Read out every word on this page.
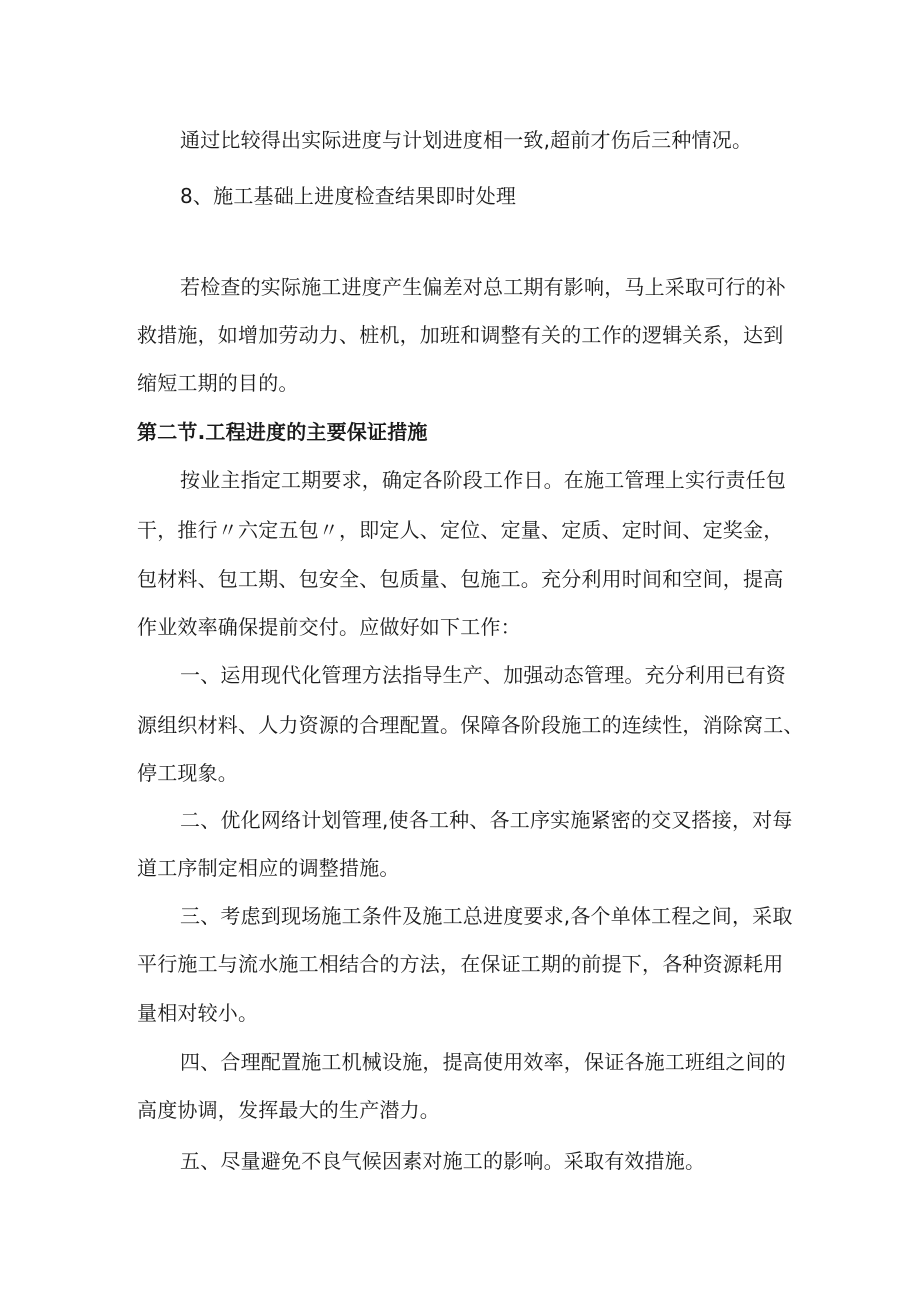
通过比较得出实际进度与计划进度相一致,超前才伤后三种情况。
8、施工基础上进度检查结果即时处理
若检查的实际施工进度产生偏差对总工期有影响，马上采取可行的补
救措施，如增加劳动力、桩机，加班和调整有关的工作的逻辑关系，达到
缩短工期的目的。
第二节.工程进度的主要保证措施
按业主指定工期要求，确定各阶段工作日。在施工管理上实行责任包
干，推行〃六定五包〃，即定人、定位、定量、定质、定时间、定奖金，
包材料、包工期、包安全、包质量、包施工。充分利用时间和空间，提高
作业效率确保提前交付。应做好如下工作：
一、运用现代化管理方法指导生产、加强动态管理。充分利用已有资
源组织材料、人力资源的合理配置。保障各阶段施工的连续性，消除窝工、
停工现象。
二、优化网络计划管理,使各工种、各工序实施紧密的交叉搭接，对每
道工序制定相应的调整措施。
三、考虑到现场施工条件及施工总进度要求,各个单体工程之间，采取
平行施工与流水施工相结合的方法，在保证工期的前提下，各种资源耗用
量相对较小。
四、合理配置施工机械设施，提高使用效率，保证各施工班组之间的
高度协调，发挥最大的生产潜力。
五、尽量避免不良气候因素对施工的影响。采取有效措施。
